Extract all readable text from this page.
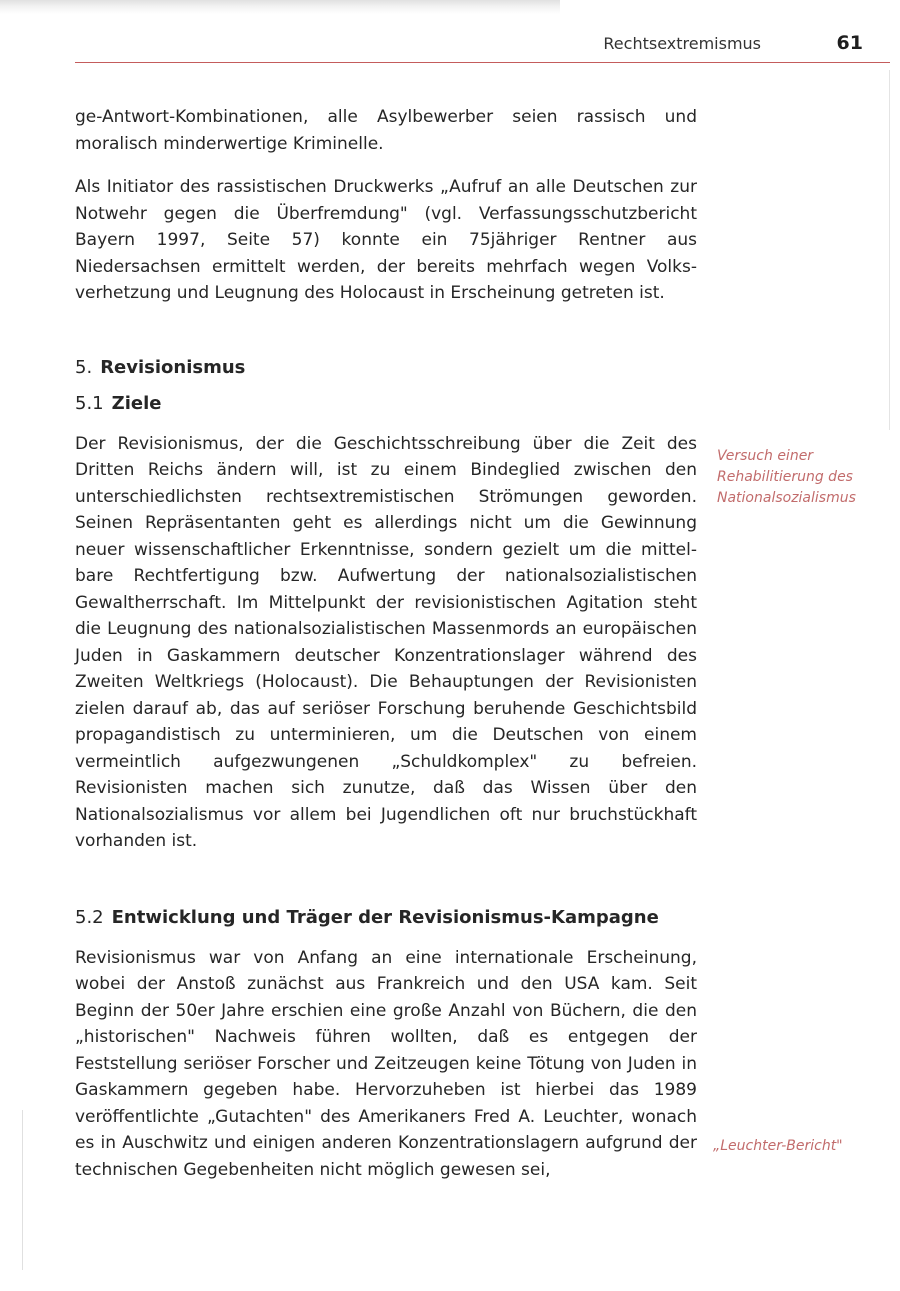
Rechtsextremismus	61

ge-Antwort-Kombinationen, alle Asylbewerber seien rassisch und moralisch minderwertige Kriminelle.

Als Initiator des rassistischen Druckwerks „Aufruf an alle Deutschen zur Notwehr gegen die Überfremdung" (vgl. Verfassungsschutzbericht Bayern 1997, Seite 57) konnte ein 75jähriger Rentner aus Niedersachsen ermittelt werden, der bereits mehrfach wegen Volksverhetzung und Leugnung des Holocaust in Erscheinung getreten ist.

5. Revisionismus
5.1 Ziele

Der Revisionismus, der die Geschichtsschreibung über die Zeit des Dritten Reichs ändern will, ist zu einem Bindeglied zwischen den unterschiedlichsten rechtsextremistischen Strömungen geworden. Seinen Repräsentanten geht es allerdings nicht um die Gewinnung neuer wissenschaftlicher Erkenntnisse, sondern gezielt um die mittelbare Rechtfertigung bzw. Aufwertung der nationalsozialistischen Gewaltherrschaft. Im Mittelpunkt der revisionistischen Agitation steht die Leugnung des nationalsozialistischen Massenmords an europäischen Juden in Gaskammern deutscher Konzentrationslager während des Zweiten Weltkriegs (Holocaust). Die Behauptungen der Revisionisten zielen darauf ab, das auf seriöser Forschung beruhende Geschichtsbild propagandistisch zu unterminieren, um die Deutschen von einem vermeintlich aufgezwungenen „Schuldkomplex" zu befreien. Revisionisten machen sich zunutze, daß das Wissen über den Nationalsozialismus vor allem bei Jugendlichen oft nur bruchstückhaft vorhanden ist.

5.2 Entwicklung und Träger der Revisionismus-Kampagne

Revisionismus war von Anfang an eine internationale Erscheinung, wobei der Anstoß zunächst aus Frankreich und den USA kam. Seit Beginn der 50er Jahre erschien eine große Anzahl von Büchern, die den „historischen" Nachweis führen wollten, daß es entgegen der Feststellung seriöser Forscher und Zeitzeugen keine Tötung von Juden in Gaskammern gegeben habe. Hervorzuheben ist hierbei das 1989 veröffentlichte „Gutachten" des Amerikaners Fred A. Leuchter, wonach es in Auschwitz und einigen anderen Konzentrationslagern aufgrund der technischen Gegebenheiten nicht möglich gewesen sei,

Versuch einer Rehabilitierung des Nationalsozialismus
„Leuchter-Bericht"
